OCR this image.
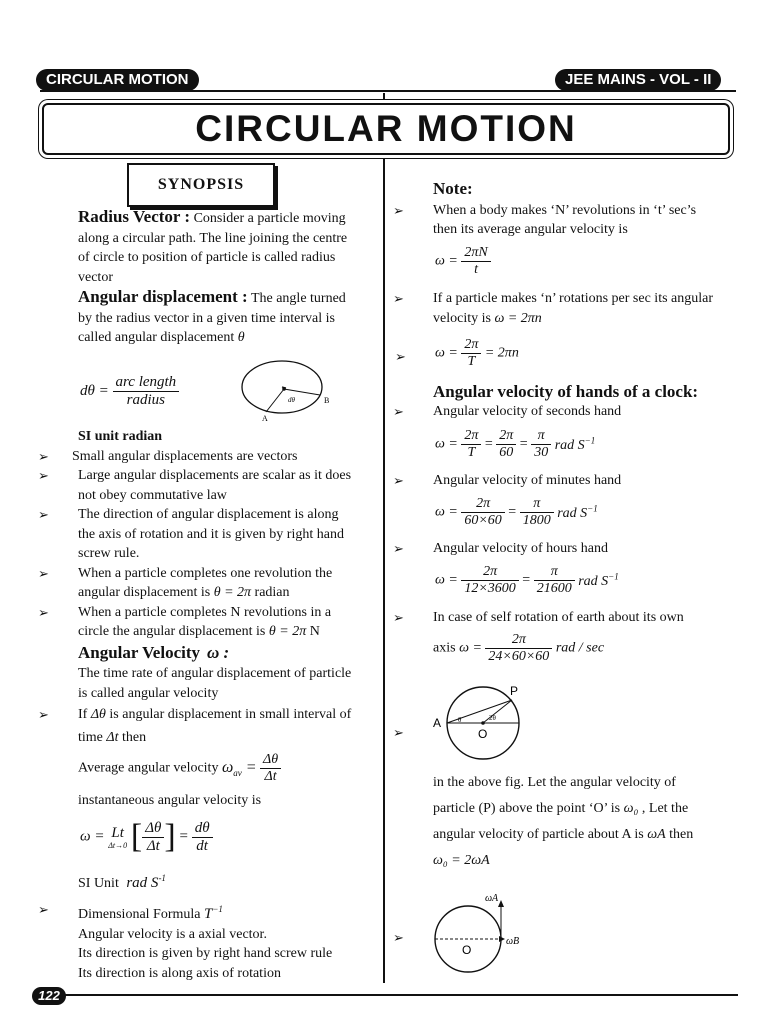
CIRCULAR MOTION	JEE MAINS - VOL - II
CIRCULAR MOTION
SYNOPSIS

Radius Vector : Consider a particle moving

along a circular path. The line joining the centre

of circle to position of particle is called radius

vector

Angular displacement : The angle turned

by the radius vector in a given time interval is

called angular displacement θ

$d\theta = \frac{\text{arc length}}{\text{radius}}$
A
B
dθ

SI unit radian

➢ Small angular displacements are vectors

➢ Large angular displacements are scalar as it does

not obey commutative law

➢ The direction of angular displacement is along

the axis of rotation and it is given by right hand

screw rule.

➢ When a particle completes one revolution the

angular displacement is θ = 2π radian

➢ When a particle completes N revolutions in a

circle the angular displacement is θ = 2π N

Angular Velocity ω :

The time rate of angular displacement of particle

is called angular velocity

➢ If Δθ is angular displacement in small interval of

time Δt then

Average angular velocity $\omega_{av} = \frac{\Delta\theta}{\Delta t}$
instantaneous angular velocity is
ω = Lt
Δt→0 [ $\frac{\Delta\theta}{\Delta t}$ ] = $\frac{d\theta}{dt}$
SI Unit rad $S^{-1}$

➢ Dimensional Formula $T^{-1}$

Angular velocity is a axial vector.

Its direction is given by right hand screw rule

Its direction is along axis of rotation

Note:

➢ When a body makes ‘N’ revolutions in ‘t’ sec’s

then its average angular velocity is

$\omega = \frac{2\pi N}{t}$

➢ If a particle makes ‘n’ rotations per sec its angular

velocity is ω = 2πn

➢ $\omega = \frac{2\pi}{T} = 2\pi n$

Angular velocity of hands of a clock:

➢ Angular velocity of seconds hand

$\omega = \frac{2\pi}{T} = \frac{2\pi}{60} = \frac{\pi}{30}$ rad $S^{-1}$

➢ Angular velocity of minutes hand

$\omega = \frac{2\pi}{60\times 60} = \frac{\pi}{1800}$ rad $S^{-1}$

➢ Angular velocity of hours hand

$\omega = \frac{2\pi}{12\times 3600} = \frac{\pi}{21600}$ rad $S^{-1}$

➢ In case of self rotation of earth about its own

axis $\omega = \frac{2\pi}{24\times 60\times 60}$ rad / sec
➢
P
A
O
θ	2θ

in the above fig. Let the angular velocity of

particle (P) above the point ‘O’ is ω₀ , Let the

angular velocity of particle about A is ωA then

ω₀ = 2ωA

➢
ωA
ωB
O
122
